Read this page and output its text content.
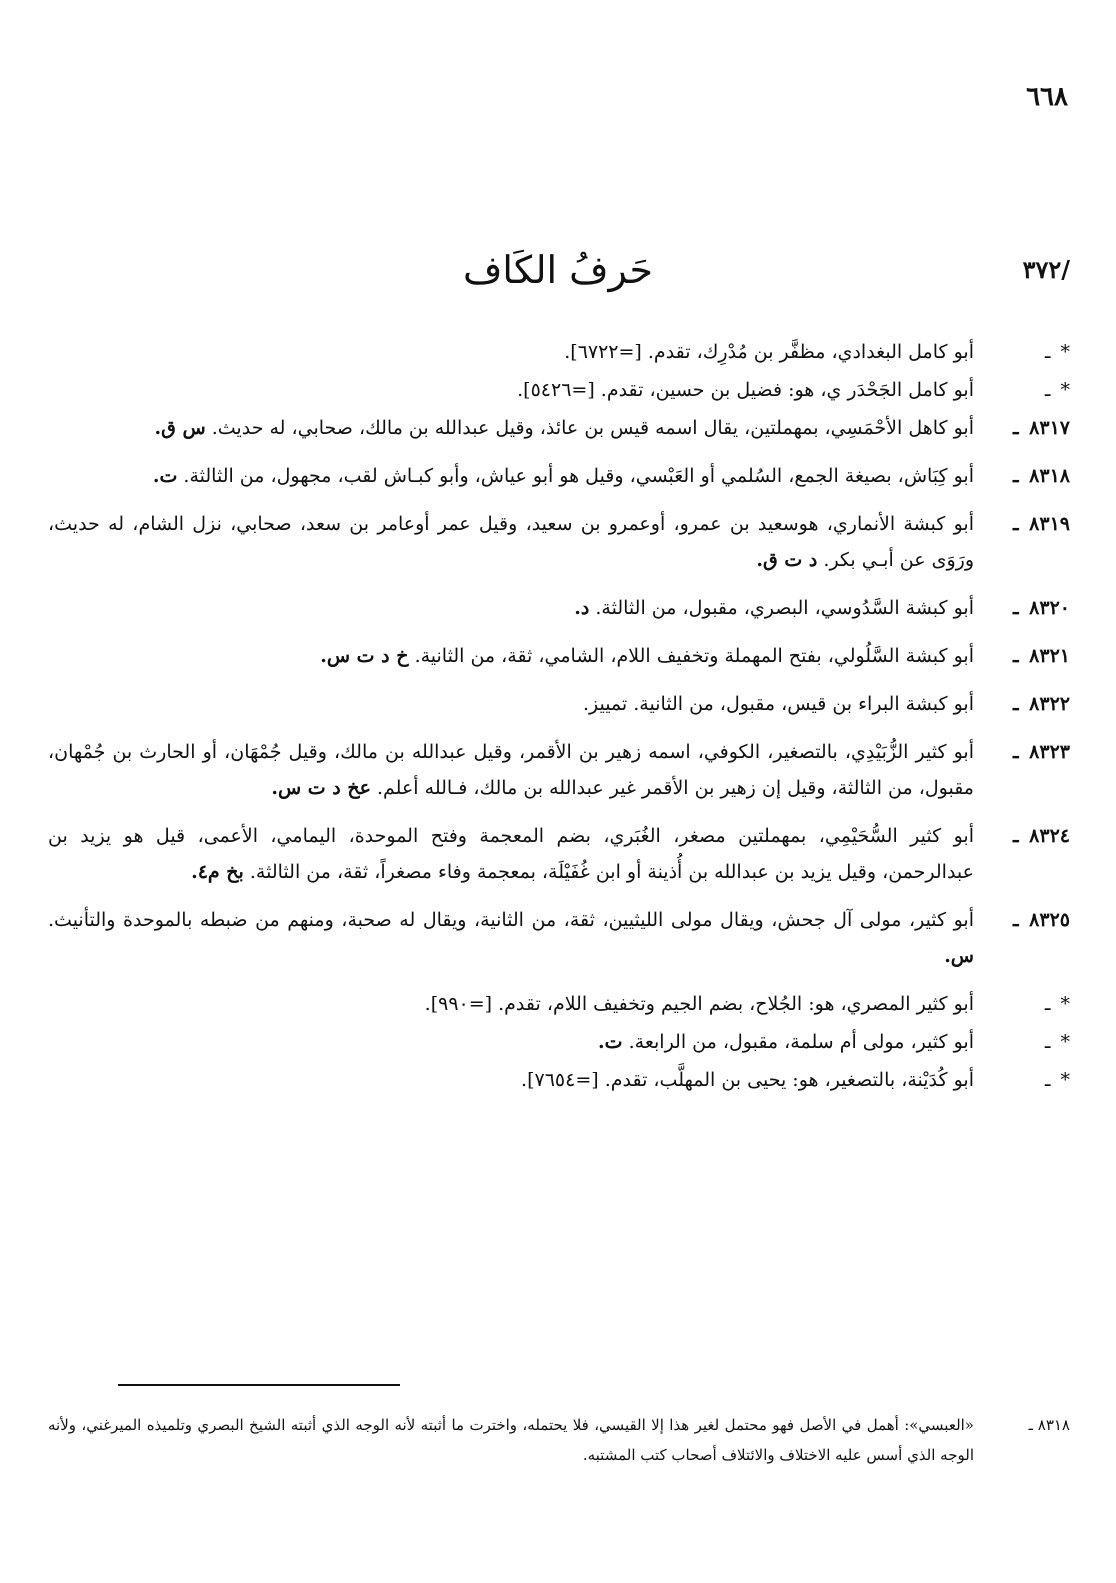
٦٦٨
/٣٧٢
حَرفُ الكَاف
* ـ
أبو كامل البغدادي، مظفَّر بن مُدْرِك، تقدم. [=٦٧٢٢].
* ـ
أبو كامل الجَحْدَر ي، هو: فضيل بن حسين، تقدم. [=٥٤٢٦].
٨٣١٧ ـ
أبو كاهل الأحْمَسِي، بمهملتين، يقال اسمه قيس بن عائذ، وقيل عبدالله بن مالك، صحابي، له حديث. س ق.
٨٣١٨ ـ
أبو كِبَاش، بصيغة الجمع، السُلمي أو العَبْسي، وقيل هو أبو عياش، وأبو كبـاش لقب، مجهول، من الثالثة. ت.
٨٣١٩ ـ
أبو كبشة الأنماري، هوسعيد بن عمرو، أوعمرو بن سعيد، وقيل عمر أوعامر بن سعد، صحابي، نزل الشام، له حديث، ورَوَى عن أبـي بكر. د ت ق.
٨٣٢٠ ـ
أبو كبشة السَّدُوسي، البصري، مقبول، من الثالثة. د.
٨٣٢١ ـ
أبو كبشة السَّلُولي، بفتح المهملة وتخفيف اللام، الشامي، ثقة، من الثانية. خ د ت س.
٨٣٢٢ ـ
أبو كبشة البراء بن قيس، مقبول، من الثانية. تمييز.
٨٣٢٣ ـ
أبو كثير الزُّبَيْدِي، بالتصغير، الكوفي، اسمه زهير بن الأقمر، وقيل عبدالله بن مالك، وقيل جُمْهَان، أو الحارث بن جُمْهان، مقبول، من الثالثة، وقيل إن زهير بن الأقمر غير عبدالله بن مالك، فـالله أعلم. عخ د ت س.
٨٣٢٤ ـ
أبو كثير السُّحَيْمِي، بمهملتين مصغر، الغُبَري، بضم المعجمة وفتح الموحدة، اليمامي، الأعمى، قيل هو يزيد بن عبدالرحمن، وقيل يزيد بن عبدالله بن أُذينة أو ابن غُفَيْلَة، بمعجمة وفاء مصغراً، ثقة، من الثالثة. بخ م٤.
٨٣٢٥ ـ
أبو كثير، مولى آل جحش، ويقال مولى الليثيين، ثقة، من الثانية، ويقال له صحبة، ومنهم من ضبطه بالموحدة والتأنيث. س.
* ـ
أبو كثير المصري، هو: الجُلاح، بضم الجيم وتخفيف اللام، تقدم. [=٩٩٠].
* ـ
أبو كثير، مولى أم سلمة، مقبول، من الرابعة. ت.
* ـ
أبو كُدَيْنة، بالتصغير، هو: يحيى بن المهلَّب، تقدم. [=٧٦٥٤].
٨٣١٨ ـ
«العبسي»: أهمل في الأصل فهو محتمل لغير هذا إلا القيسي، فلا يحتمله، واخترت ما أثبته لأنه الوجه الذي أثبته الشيخ البصري وتلميذه الميرغني، ولأنه الوجه الذي أسس عليه الاختلاف والائتلاف أصحاب كتب المشتبه.
